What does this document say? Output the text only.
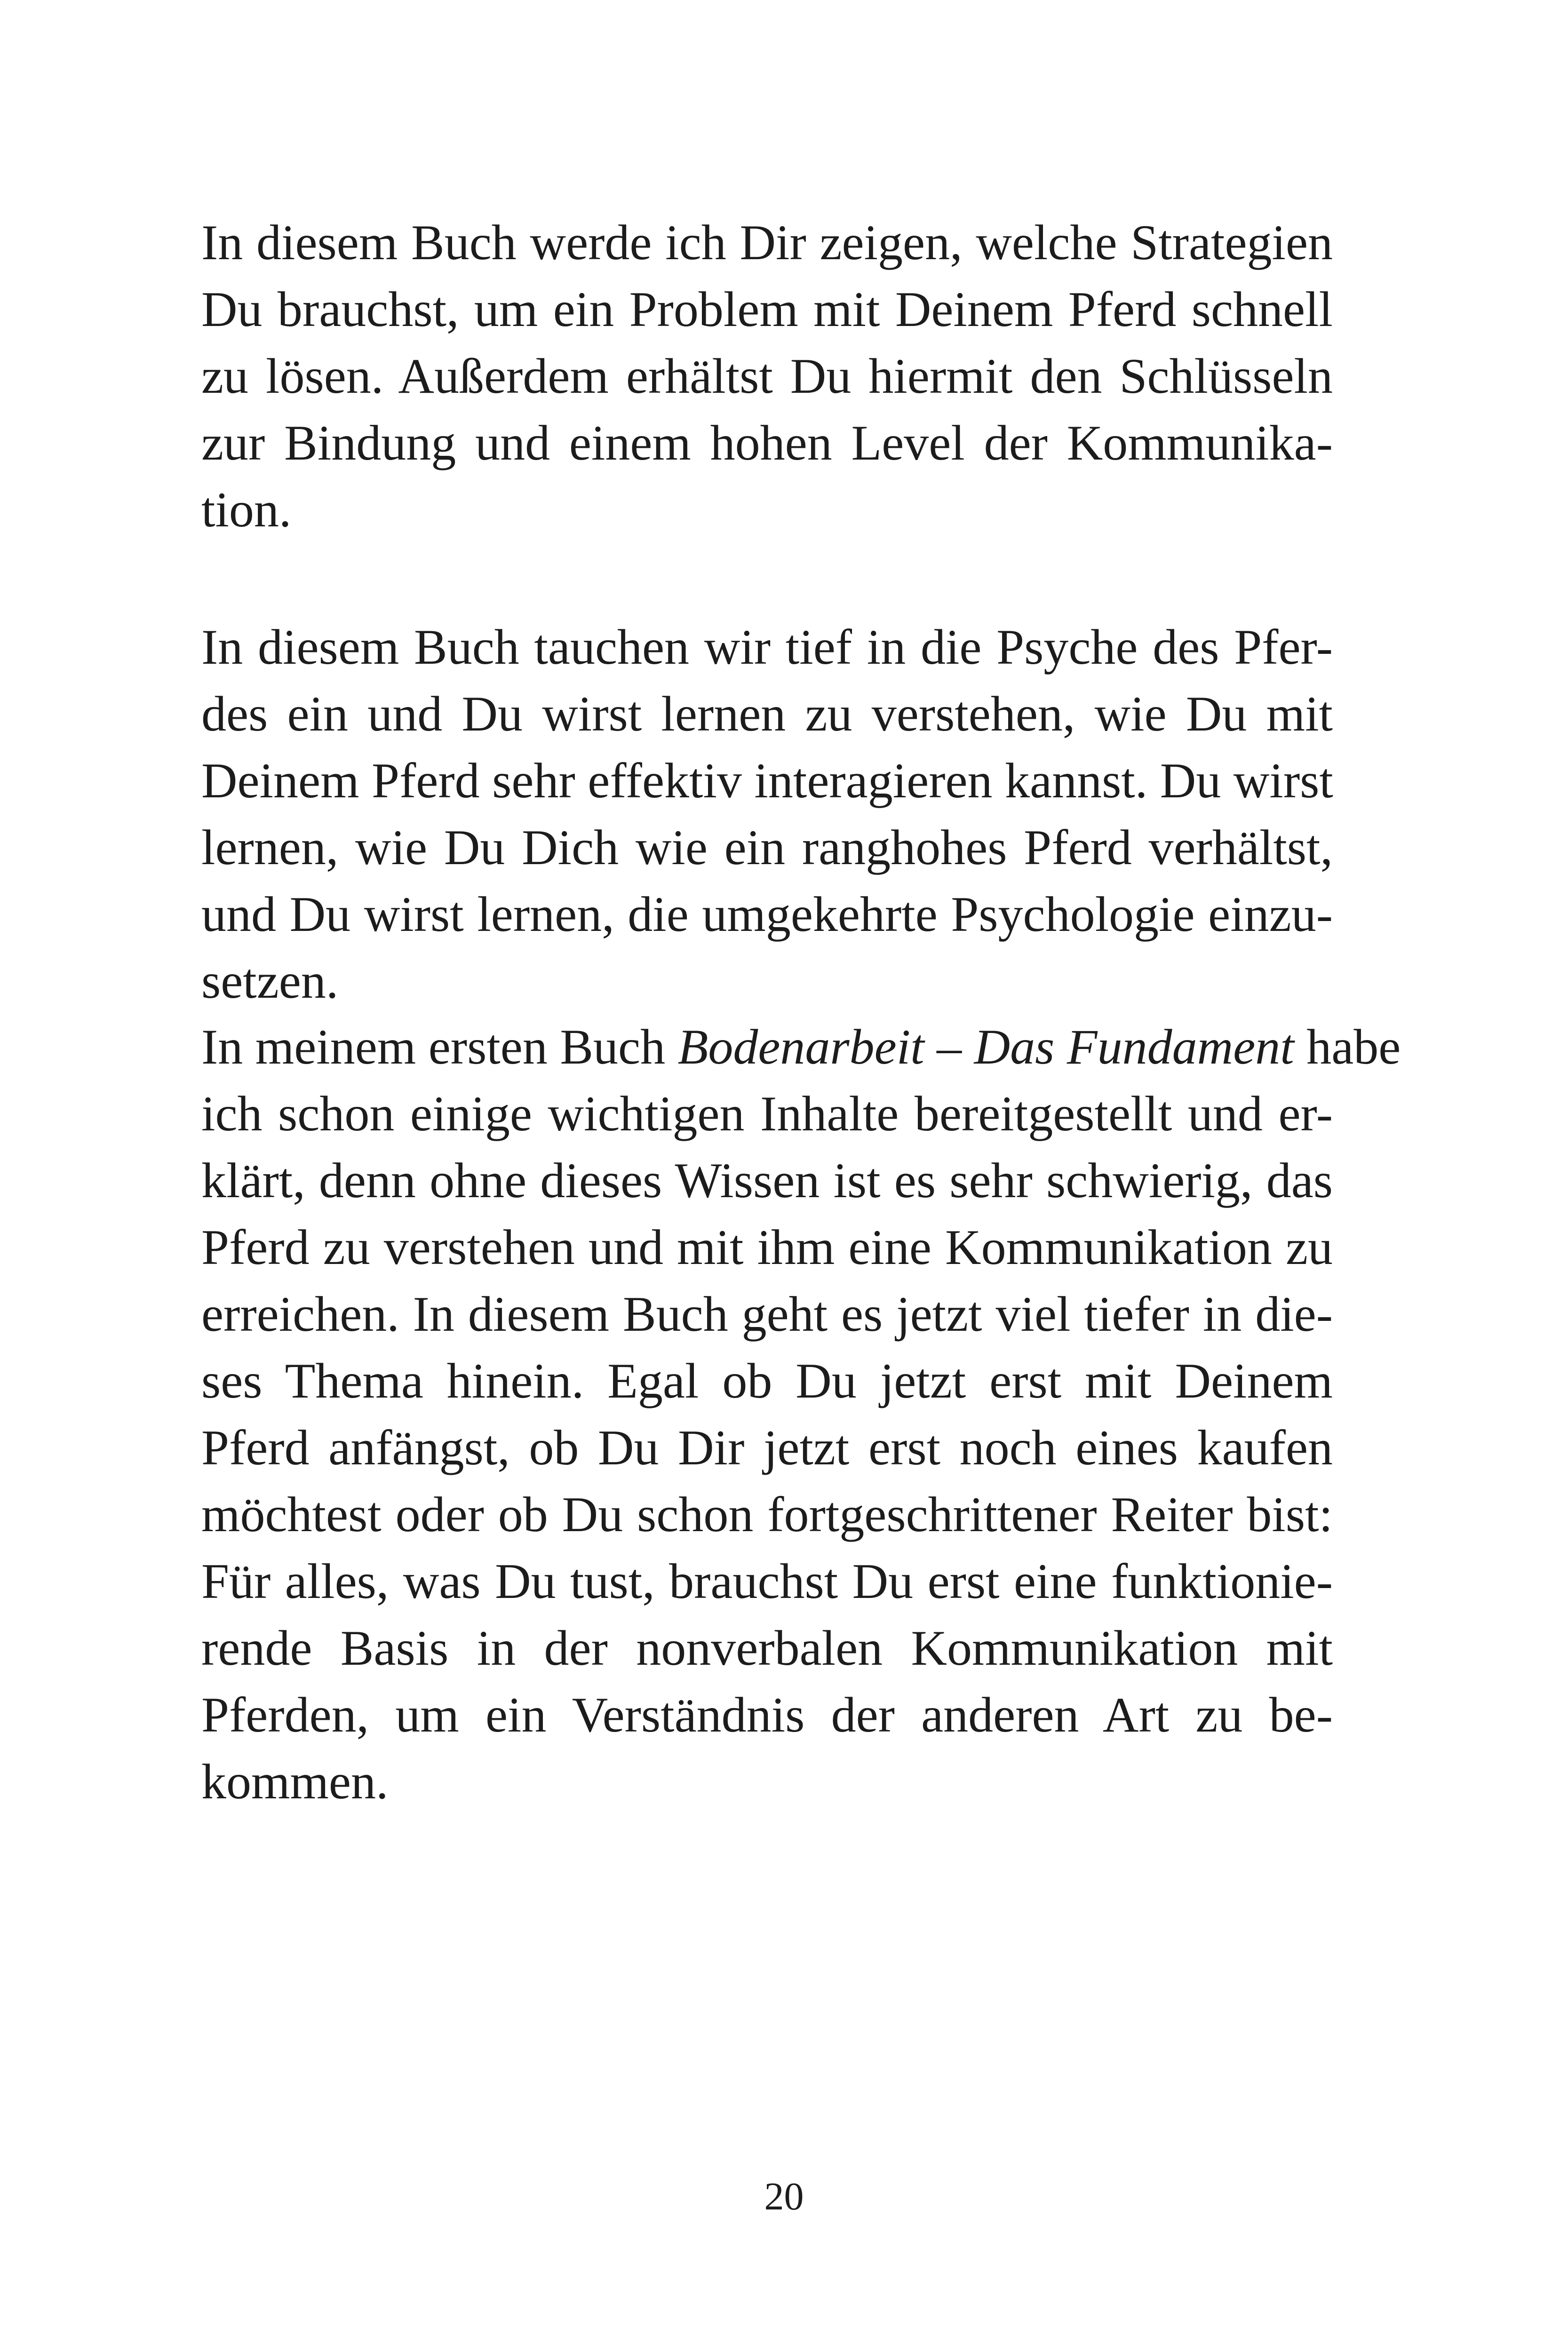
In diesem Buch werde ich Dir zeigen, welche Strategien
Du brauchst, um ein Problem mit Deinem Pferd schnell
zu lösen. Außerdem erhältst Du hiermit den Schlüsseln
zur Bindung und einem hohen Level der Kommunika-
tion.
In diesem Buch tauchen wir tief in die Psyche des Pfer-
des ein und Du wirst lernen zu verstehen, wie Du mit
Deinem Pferd sehr effektiv interagieren kannst. Du wirst
lernen, wie Du Dich wie ein ranghohes Pferd verhältst,
und Du wirst lernen, die umgekehrte Psychologie einzu-
setzen.
In meinem ersten Buch Bodenarbeit – Das Fundament habe
ich schon einige wichtigen Inhalte bereitgestellt und er-
klärt, denn ohne dieses Wissen ist es sehr schwierig, das
Pferd zu verstehen und mit ihm eine Kommunikation zu
erreichen. In diesem Buch geht es jetzt viel tiefer in die-
ses Thema hinein. Egal ob Du jetzt erst mit Deinem
Pferd anfängst, ob Du Dir jetzt erst noch eines kaufen
möchtest oder ob Du schon fortgeschrittener Reiter bist:
Für alles, was Du tust, brauchst Du erst eine funktionie-
rende Basis in der nonverbalen Kommunikation mit
Pferden, um ein Verständnis der anderen Art zu be-
kommen.
20
